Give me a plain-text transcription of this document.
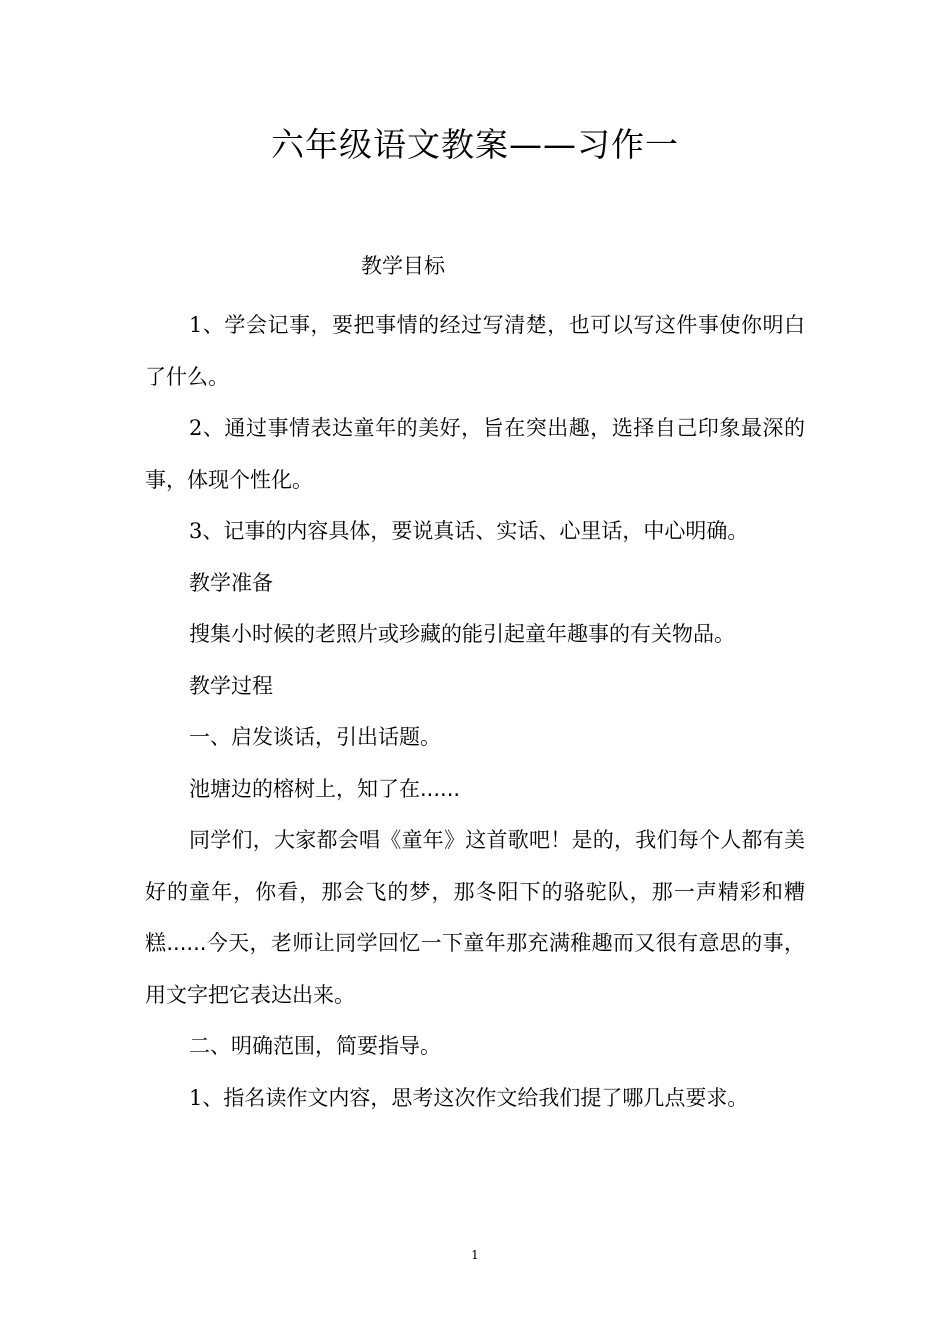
六年级语文教案——习作一
教学目标

1、学会记事，要把事情的经过写清楚，也可以写这件事使你明白了什么。

2、通过事情表达童年的美好，旨在突出趣，选择自己印象最深的事，体现个性化。

3、记事的内容具体，要说真话、实话、心里话，中心明确。

教学准备

搜集小时候的老照片或珍藏的能引起童年趣事的有关物品。

教学过程

一、启发谈话，引出话题。

池塘边的榕树上，知了在......

同学们，大家都会唱《童年》这首歌吧！是的，我们每个人都有美好的童年，你看，那会飞的梦，那冬阳下的骆驼队，那一声精彩和糟糕......今天，老师让同学回忆一下童年那充满稚趣而又很有意思的事，用文字把它表达出来。

二、明确范围，简要指导。

1、指名读作文内容，思考这次作文给我们提了哪几点要求。

1
